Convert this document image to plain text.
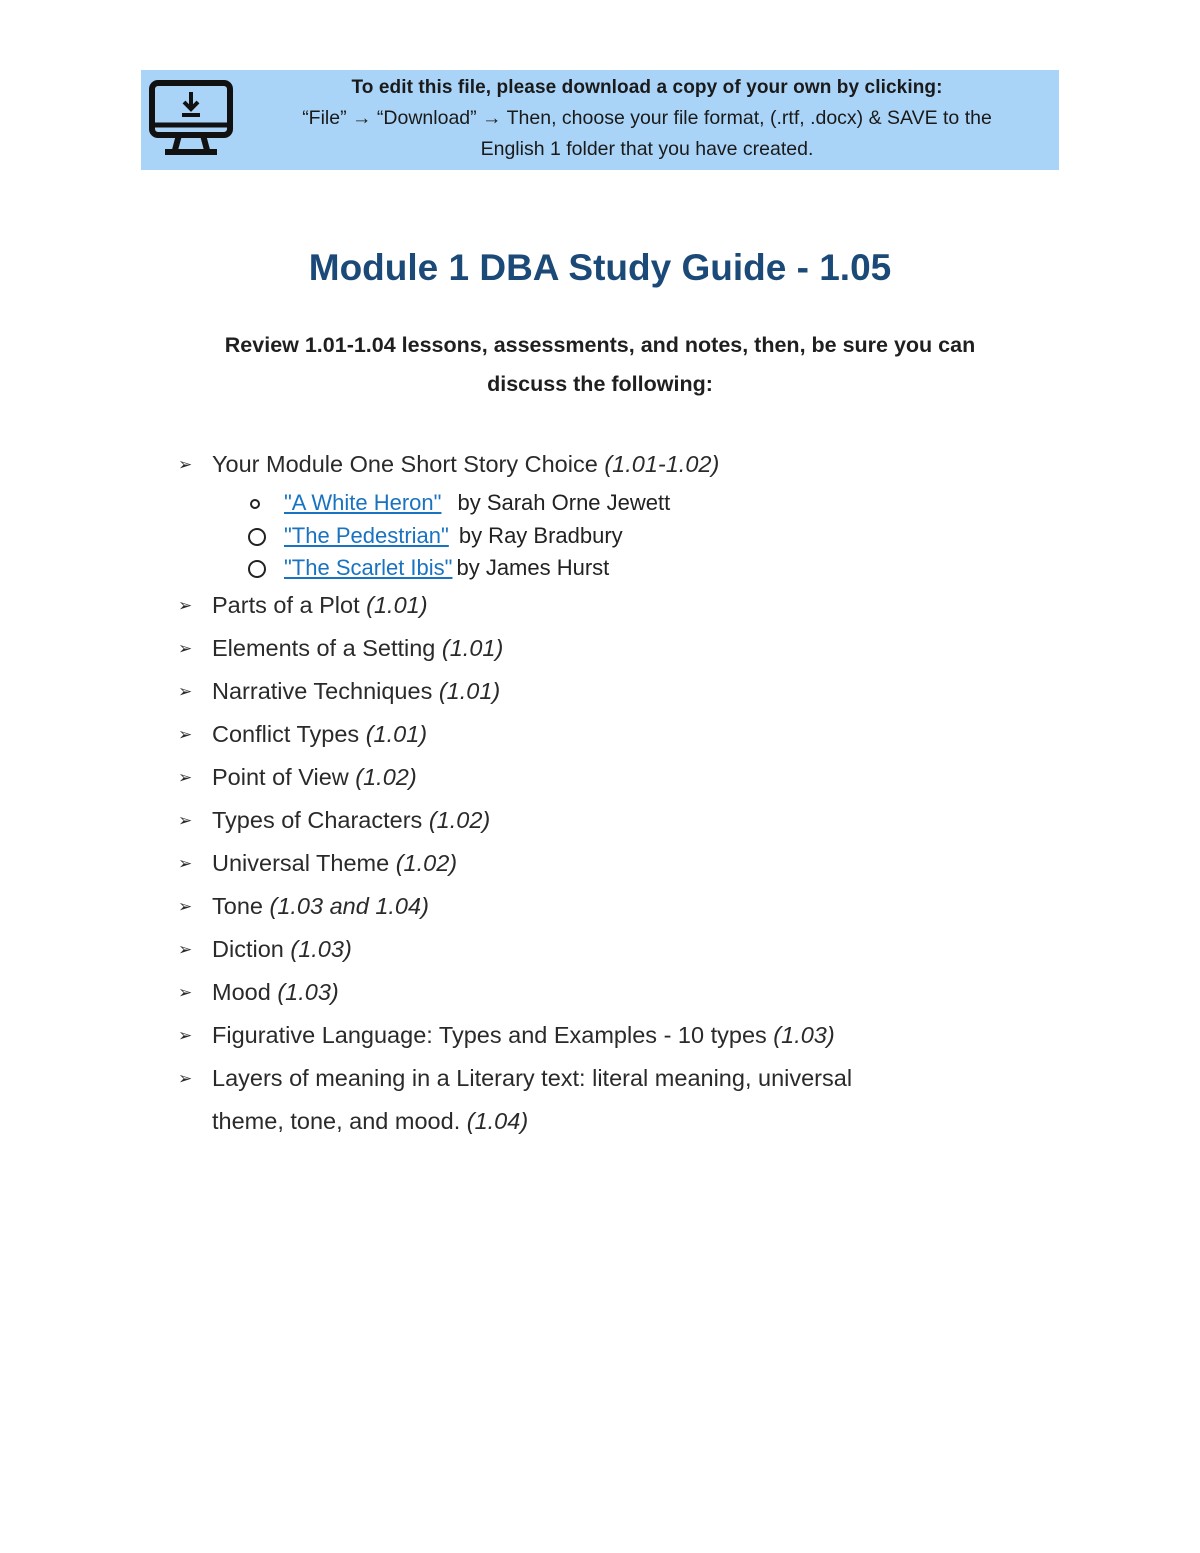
To edit this file, please download a copy of your own by clicking:
“File” → “Download” → Then, choose your file format, (.rtf, .docx) & SAVE to the
English 1 folder that you have created.
Module 1 DBA Study Guide - 1.05
Review 1.01-1.04 lessons, assessments, and notes, then, be sure you can
discuss the following:
➢ Your Module One Short Story Choice (1.01-1.02)
➢ Parts of a Plot (1.01)
➢ Elements of a Setting (1.01)
➢ Narrative Techniques (1.01)
➢ Conflict Types (1.01)
➢ Point of View (1.02)
➢ Types of Characters (1.02)
➢ Universal Theme (1.02)
➢ Tone (1.03 and 1.04)
➢ Diction (1.03)
➢ Mood (1.03)
➢ Figurative Language: Types and Examples - 10 types (1.03)
➢ Layers of meaning in a Literary text: literal meaning, universal
theme, tone, and mood. (1.04)
"A White Heron" by Sarah Orne Jewett
"The Pedestrian" by Ray Bradbury
"The Scarlet Ibis" by James Hurst
